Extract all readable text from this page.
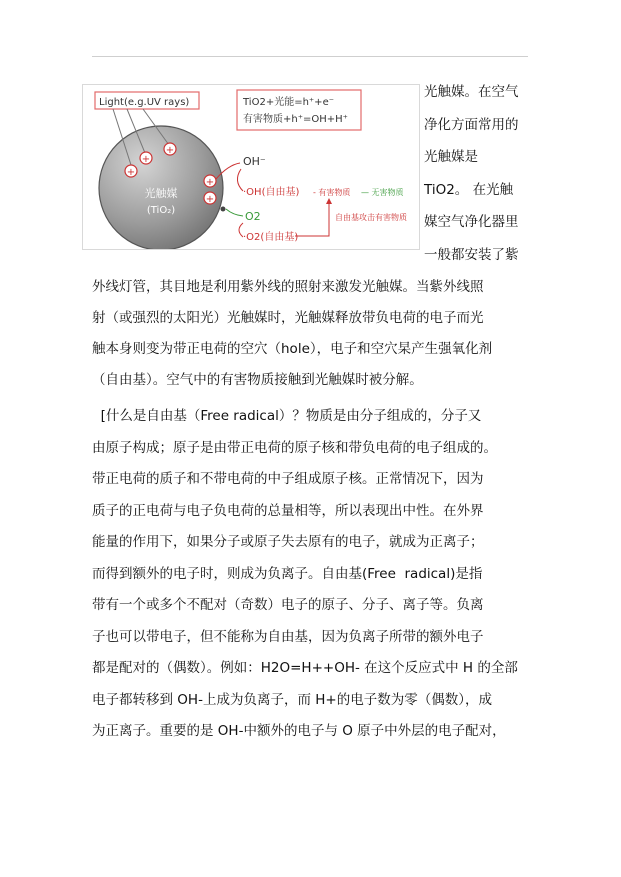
光触媒
(TiO₂)
Light(e.g.UV rays)
+
+
+
+
+
TiO2+光能=h⁺+e⁻
有害物质+h⁺=OH+H⁺
OH⁻
·OH(自由基) - 有害物质 — 无害物质
O2
·O2(自由基)
自由基攻击有害物质
光触媒。在空气
净化方面常用的
光触媒是
TiO2。 在光触
媒空气净化器里
一般都安装了紫
外线灯管，其目地是利用紫外线的照射来激发光触媒。当紫外线照
射（或强烈的太阳光）光触媒时，光触媒释放带负电荷的电子而光
触本身则变为带正电荷的空穴（hole），电子和空穴杲产生强氧化剂
（自由基）。空气中的有害物质接触到光触媒时被分解。
[什么是自由基（Free radical）？物质是由分子组成的，分子又
由原子构成；原子是由带正电荷的原子核和带负电荷的电子组成的。
带正电荷的质子和不带电荷的中子组成原子核。正常情况下，因为
质子的正电荷与电子负电荷的总量相等，所以表现出中性。在外界
能量的作用下，如果分子或原子失去原有的电子，就成为正离子；
而得到额外的电子时，则成为负离子。自由基(Free  radical)是指
带有一个或多个不配对（奇数）电子的原子、分子、离子等。负离
子也可以带电子，但不能称为自由基，因为负离子所带的额外电子
都是配对的（偶数）。例如：H2O=H++OH- 在这个反应式中 H 的全部
电子都转移到 OH-上成为负离子，而 H+的电子数为零（偶数），成
为正离子。重要的是 OH-中额外的电子与 O 原子中外层的电子配对，
